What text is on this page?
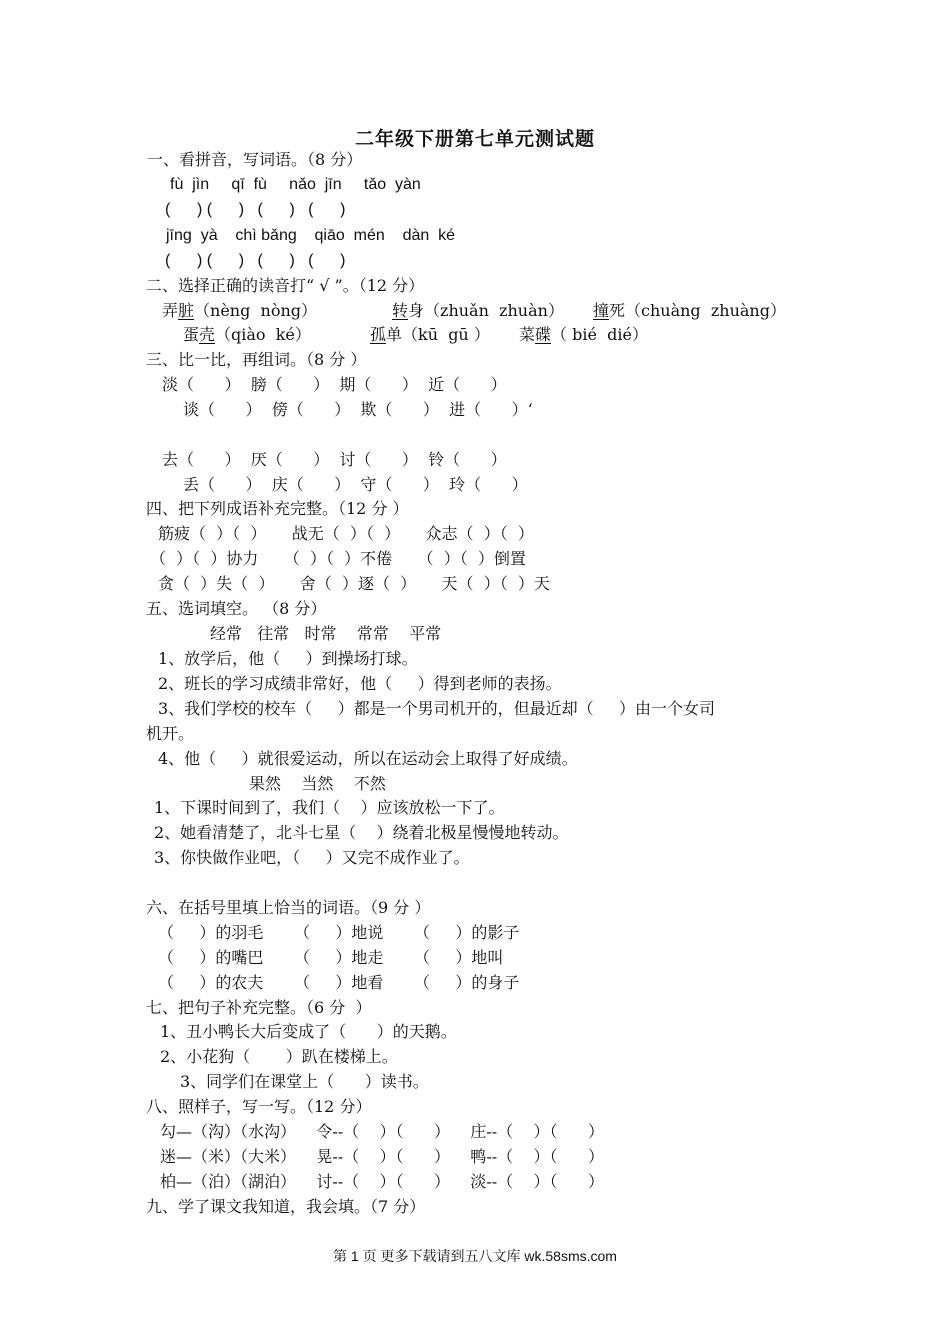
二年级下册第七单元测试题
一、看拼音，写词语。（8 分）
fù  jìn     qī  fù     nǎo  jīn     tǎo  yàn
(      ) (      )   (      )   (      )
jīng  yà    chì bǎng    qiāo  mén    dàn  ké
(      ) (      )   (      )   (      )
二、选择正确的读音打“ √ ”。（12 分）
弄脏（nèng  nòng）	转身（zhuǎn  zhuàn） 撞死（chuàng  zhuàng）
蛋壳（qiào  ké）	孤单（kū  gū ） 菜碟（ bié  dié）
三、比一比，再组词。（8 分 ）
淡（      ）  膀（      ）  期（      ）  近（      ）
谈（      ）  傍（      ）  欺（      ）  进（      ）‘
去（      ）  厌（      ）  讨（      ）  铃（      ）
丢（      ）  庆（      ）  守（      ）  玲（      ）
四、把下列成语补充完整。（12 分 ）
筋疲（  ）（  ）     战无（  ）（  ）     众志（  ）（  ）
（  ）（  ）协力     （  ）（  ）不倦     （  ）（  ）倒置
贪（  ）失（  ）     舍（  ）逐（  ）     天（  ）（  ）天
五、选词填空。 （8 分）
经常   往常   时常    常常    平常
1、放学后，他（     ）到操场打球。
2、班长的学习成绩非常好，他（     ）得到老师的表扬。
3、我们学校的校车（     ）都是一个男司机开的，但最近却（     ）由一个女司
机开。
4、他（     ）就很爱运动，所以在运动会上取得了好成绩。
果然    当然    不然
1、下课时间到了，我们（    ）应该放松一下了。
2、她看清楚了，北斗七星（    ）绕着北极星慢慢地转动。
3、你快做作业吧，（     ）又完不成作业了。
六、在括号里填上恰当的词语。（9 分 ）
（     ）的羽毛      （     ）地说      （     ）的影子
（     ）的嘴巴      （     ）地走      （     ）地叫
（     ）的农夫      （     ）地看      （     ）的身子
七、把句子补充完整。（6 分  ）
1、丑小鸭长大后变成了（      ）的天鹅。
2、小花狗（       ）趴在楼梯上。
3、同学们在课堂上（      ）读书。
八、照样子，写一写。（12 分）
勾—（沟）（水沟）    令--（    ）（      ）    庄--（    ）（      ）
迷—（米）（大米）    晃--（    ）（      ）    鸭--（    ）（      ）
柏—（泊）（湖泊）    讨--（    ）（      ）    淡--（    ）（      ）
九、学了课文我知道，我会填。（7 分）
第 1 页 更多下载请到五八文库 wk.58sms.com
